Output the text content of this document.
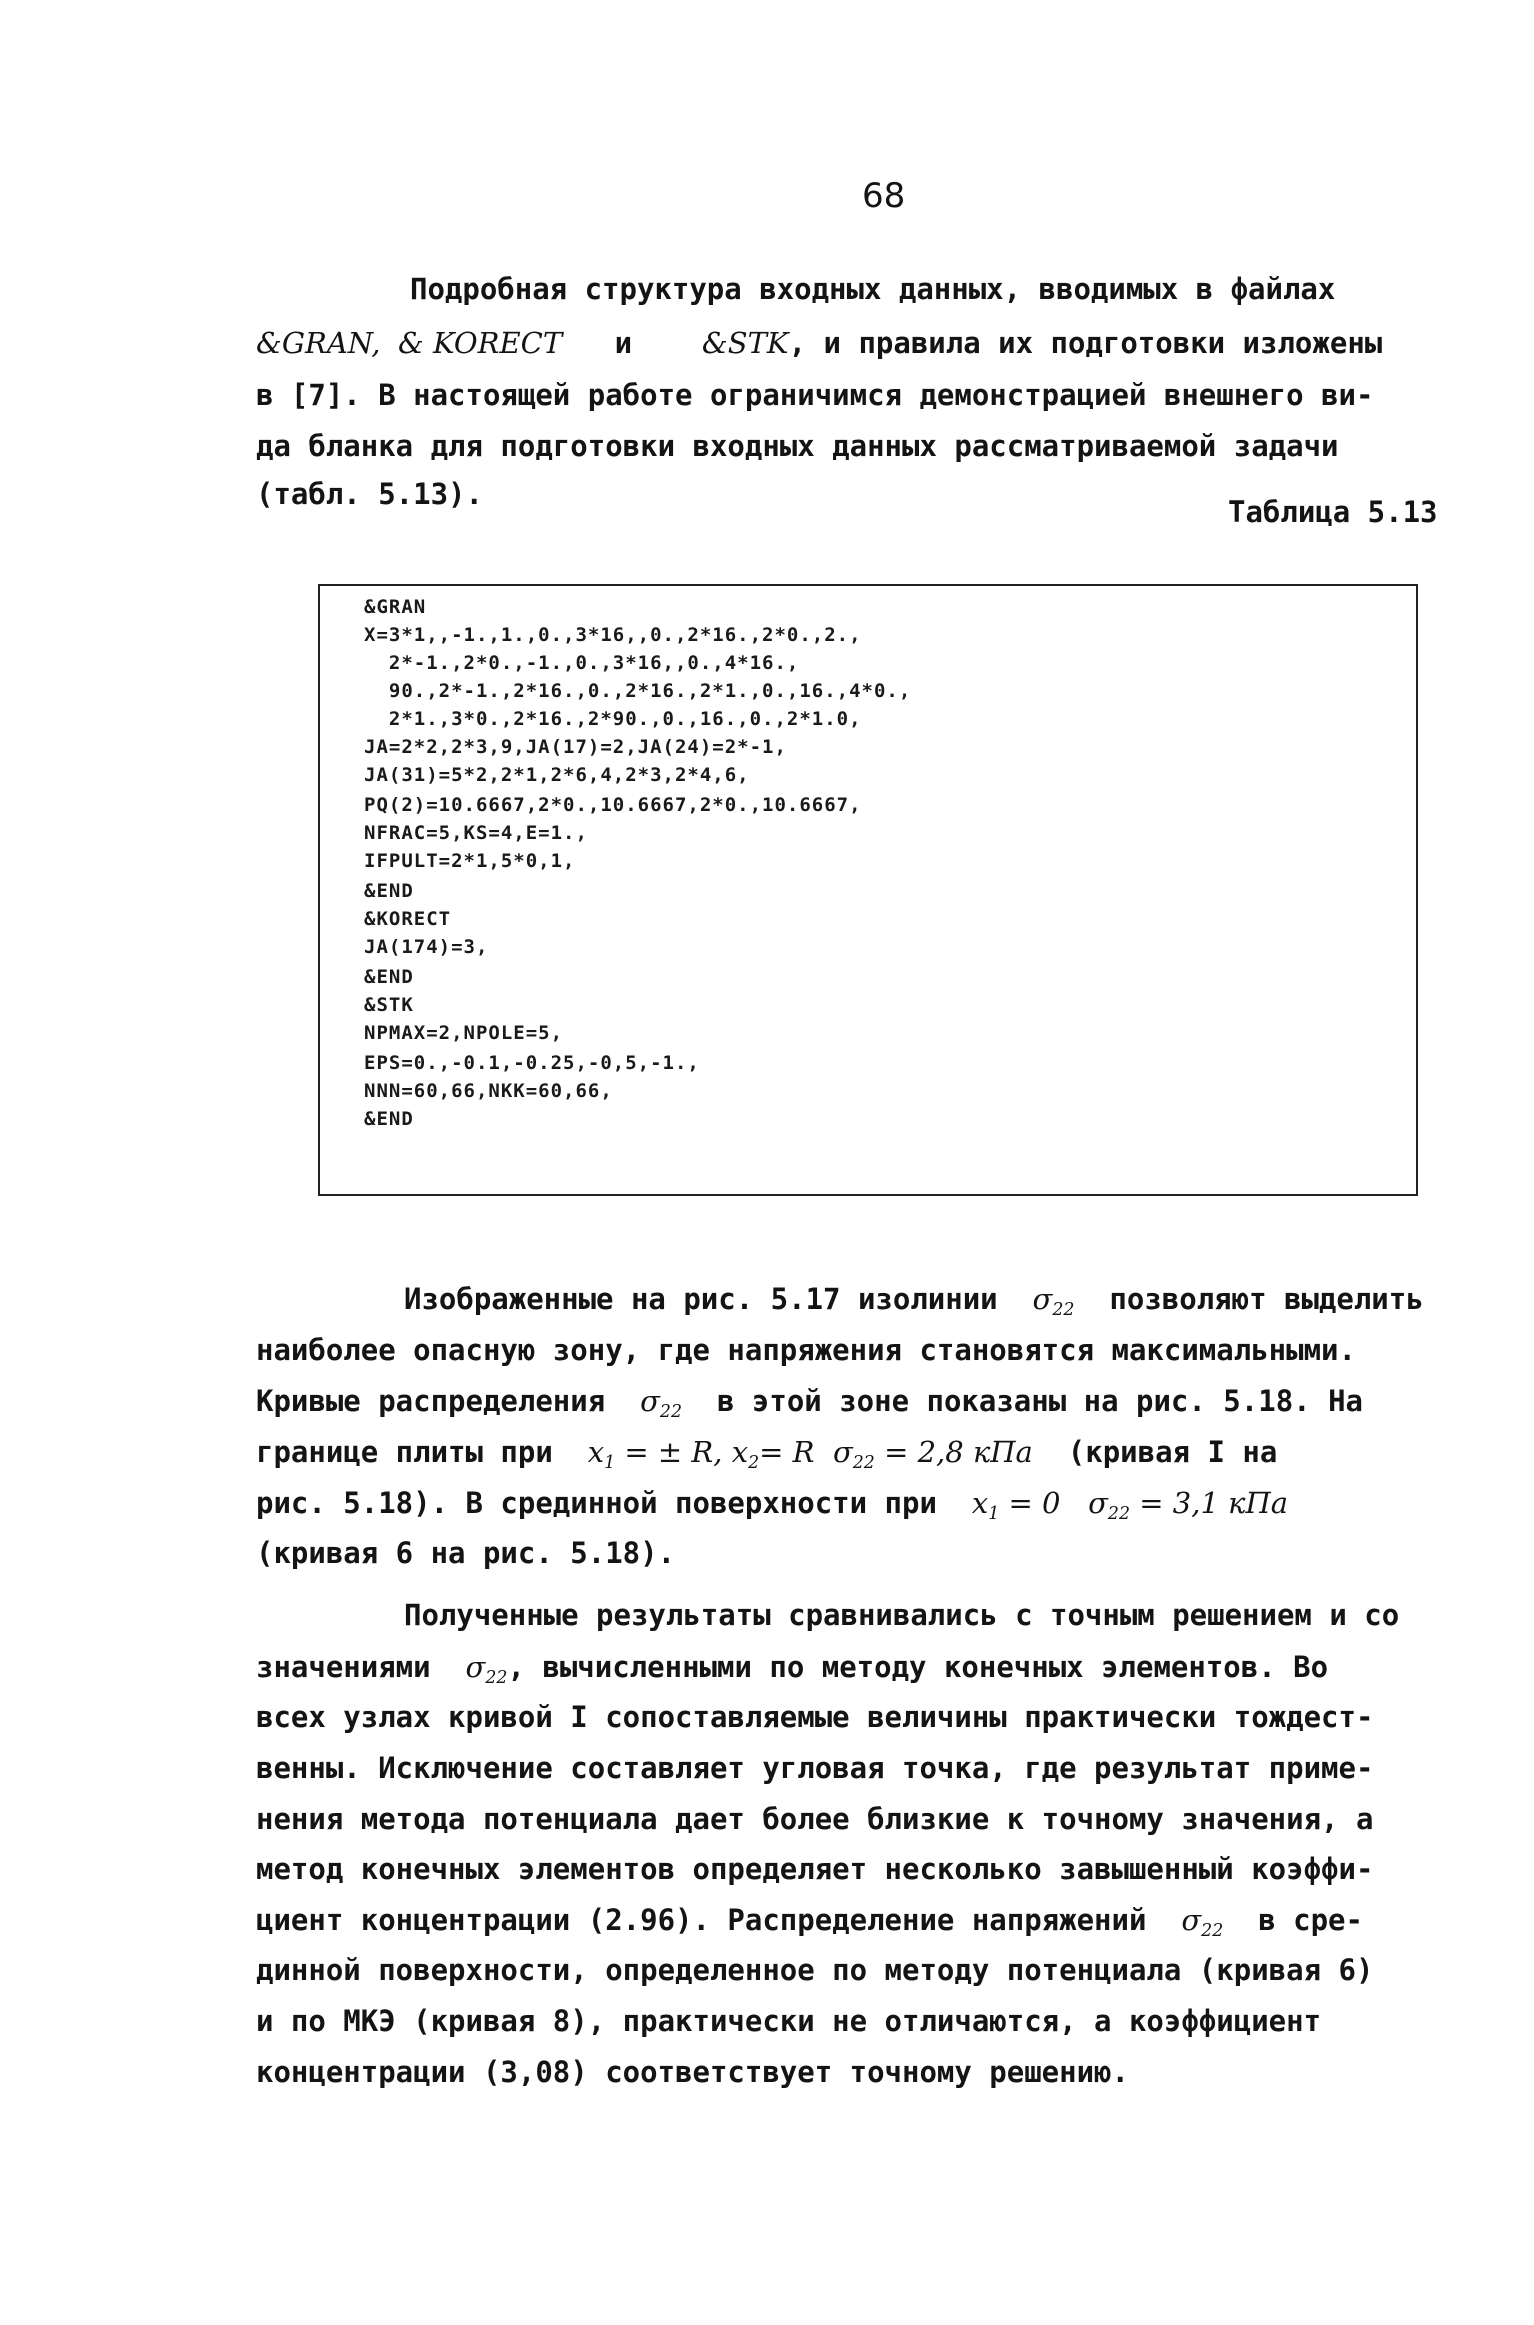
68
Подробная структура входных данных, вводимых в файлах
&GRAN, & KORECT и &STK, и правила их подготовки изложены
в [7]. В настоящей работе ограничимся демонстрацией внешнего ви-
да бланка для подготовки входных данных рассматриваемой задачи
(табл. 5.13).
Таблица 5.13
&GRAN
X=3*1,,-1.,1.,0.,3*16,,0.,2*16.,2*0.,2.,
2*-1.,2*0.,-1.,0.,3*16,,0.,4*16.,
90.,2*-1.,2*16.,0.,2*16.,2*1.,0.,16.,4*0.,
2*1.,3*0.,2*16.,2*90.,0.,16.,0.,2*1.0,
JA=2*2,2*3,9,JA(17)=2,JA(24)=2*-1,
JA(31)=5*2,2*1,2*6,4,2*3,2*4,6,
PQ(2)=10.6667,2*0.,10.6667,2*0.,10.6667,
NFRAC=5,KS=4,E=1.,
IFPULT=2*1,5*0,1,
&END
&KORECT
JA(174)=3,
&END
&STK
NPMAX=2,NPOLE=5,
EPS=0.,-0.1,-0.25,-0,5,-1.,
NNN=60,66,NKK=60,66,
&END
Изображенные на рис. 5.17 изолинии $\sigma_{22}$ позволяют выделить
наиболее опасную зону, где напряжения становятся максимальными.
Кривые распределения $\sigma_{22}$ в этой зоне показаны на рис. 5.18. На
границе плиты при $x_1$ = ± R, $x_2= R$ $\sigma_{22} = 2,8$ кПа (кривая I на
рис. 5.18). В срединной поверхности при $x_1 = 0$ $\sigma_{22} = 3,1$ кПа
(кривая 6 на рис. 5.18).
Полученные результаты сравнивались с точным решением и со
значениями $\sigma_{22}$, вычисленными по методу конечных элементов. Во
всех узлах кривой I сопоставляемые величины практически тождест-
венны. Исключение составляет угловая точка, где результат приме-
нения метода потенциала дает более близкие к точному значения, а
метод конечных элементов определяет несколько завышенный коэффи-
циент концентрации (2.96). Распределение напряжений $\sigma_{22}$ в сре-
динной поверхности, определенное по методу потенциала (кривая 6)
и по МКЭ (кривая 8), практически не отличаются, а коэффициент
концентрации (3,08) соответствует точному решению.
